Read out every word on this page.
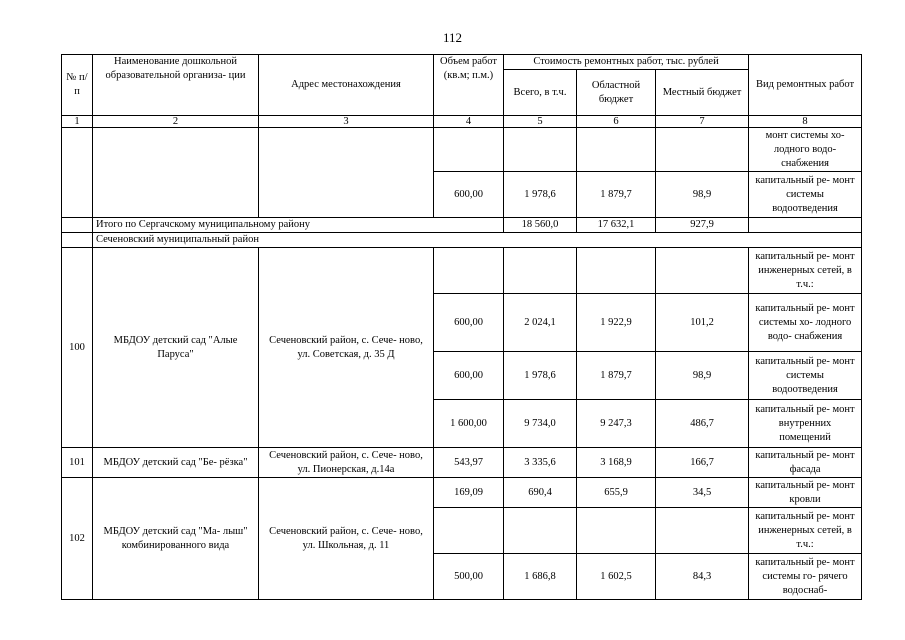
112
№ п/п	Наименование дошкольной образовательной организа- ции	Адрес местонахождения	Объем работ (кв.м; п.м.)	Стоимость ремонтных работ, тыс. рублей			Вид ремонтных работ
				Всего, в т.ч.	Областной бюджет	Местный бюджет	
1	2	3	4	5	6	7	8
							монт системы хо- лодного водо- снабжения
			600,00	1 978,6	1 879,7	98,9	капитальный ре- монт системы водоотведения
	Итого по Сергачскому муниципальному району			18 560,0	17 632,1	927,9	
	Сеченовский муниципальный район						
100	МБДОУ детский сад "Алые Паруса"	Сеченовский район, с. Сече- ново, ул. Советская, д. 35 Д					капитальный ре- монт инженерных сетей, в т.ч.:
			600,00	2 024,1	1 922,9	101,2	капитальный ре- монт системы хо- лодного водо- снабжения
			600,00	1 978,6	1 879,7	98,9	капитальный ре- монт системы водоотведения
			1 600,00	9 734,0	9 247,3	486,7	капитальный ре- монт внутренних помещений
101	МБДОУ детский сад "Бе- рёзка"	Сеченовский район, с. Сече- ново, ул. Пионерская, д.14а	543,97	3 335,6	3 168,9	166,7	капитальный ре- монт фасада
102	МБДОУ детский сад "Ма- лыш" комбинированного вида	Сеченовский район, с. Сече- ново, ул. Школьная, д. 11	169,09	690,4	655,9	34,5	капитальный ре- монт кровли
							капитальный ре- монт инженерных сетей, в т.ч.:
			500,00	1 686,8	1 602,5	84,3	капитальный ре- монт системы го- рячего водоснаб-
